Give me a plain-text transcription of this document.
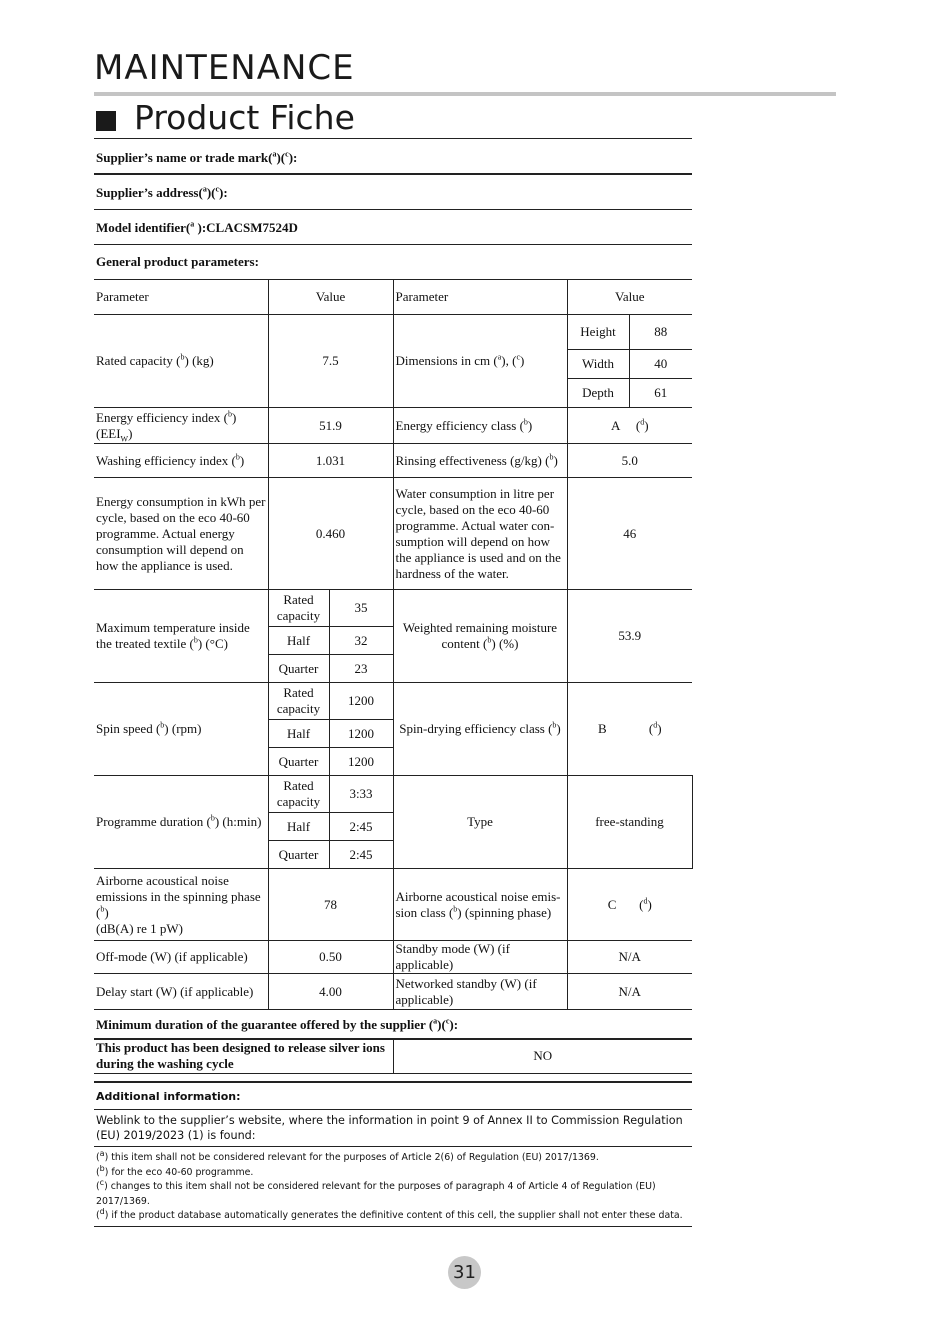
MAINTENANCE
Product Fiche
Supplier’s name or trade mark($^a$)($^c$):
Supplier’s address($^a$)($^c$):
Model identifier($^a$ ):CLACSM7524D
General product parameters:
Parameter	Value		Parameter	Value	
Rated capacity ($^b$) (kg)	7.5		Dimensions in cm ($^a$), ($^c$)	Height	88
				Width	40
				Depth	61
Energy efficiency index ($^b$)
$(EEI_W)$	51.9		Energy efficiency class ($^b$)	A     ($^d$)	
Washing efficiency index ($^b$)	1.031		Rinsing effectiveness (g/kg) ($^b$)	5.0	
Energy consumption in kWh per cycle, based on the eco 40-60 programme. Actual energy consumption will depend on how the appliance is used.	0.460		Water consumption in litre per cycle, based on the eco 40-60 programme. Actual water con- sumption will depend on how the appliance is used and on the hardness of the water.	46	
Maximum temperature inside the treated textile ($^b$) (°C)	Rated capacity	35	Weighted remaining moisture content ($^b$) (%)	53.9	
	Half	32			
	Quarter	23			
Spin speed ($^b$) (rpm)	Rated capacity	1200	Spin-drying efficiency class ($^b$)	B             ($^d$)	
	Half	1200			
	Quarter	1200			
Programme duration ($^b$) (h:min)	Rated capacity	3:33	Type	free-standing	
	Half	2:45			
	Quarter	2:45			
Airborne acoustical noise emissions in the spinning phase
($^b$)
(dB(A) re 1 pW)	78		Airborne acoustical noise emis- sion class ($^b$) (spinning phase)	C       ($^d$)	
Off-mode (W) (if applicable)	0.50		Standby mode (W) (if applicable)	N/A	
Delay start (W) (if applicable)	4.00		Networked standby (W) (if applicable)	N/A	
Minimum duration of the guarantee offered by the supplier ($^a$)($^c$):
This product has been designed to release silver ions during the washing cycle	NO
Additional information:
Weblink to the supplier’s website, where the information in point 9 of Annex II to Commission Regulation (EU) 2019/2023 (1) is found:
($^a$) this item shall not be considered relevant for the purposes of Article 2(6) of Regulation (EU) 2017/1369.
($^b$) for the eco 40-60 programme.
($^c$) changes to this item shall not be considered relevant for the purposes of paragraph 4 of Article 4 of Regulation (EU) 2017/1369.
($^d$) if the product database automatically generates the definitive content of this cell, the supplier shall not enter these data.
31
